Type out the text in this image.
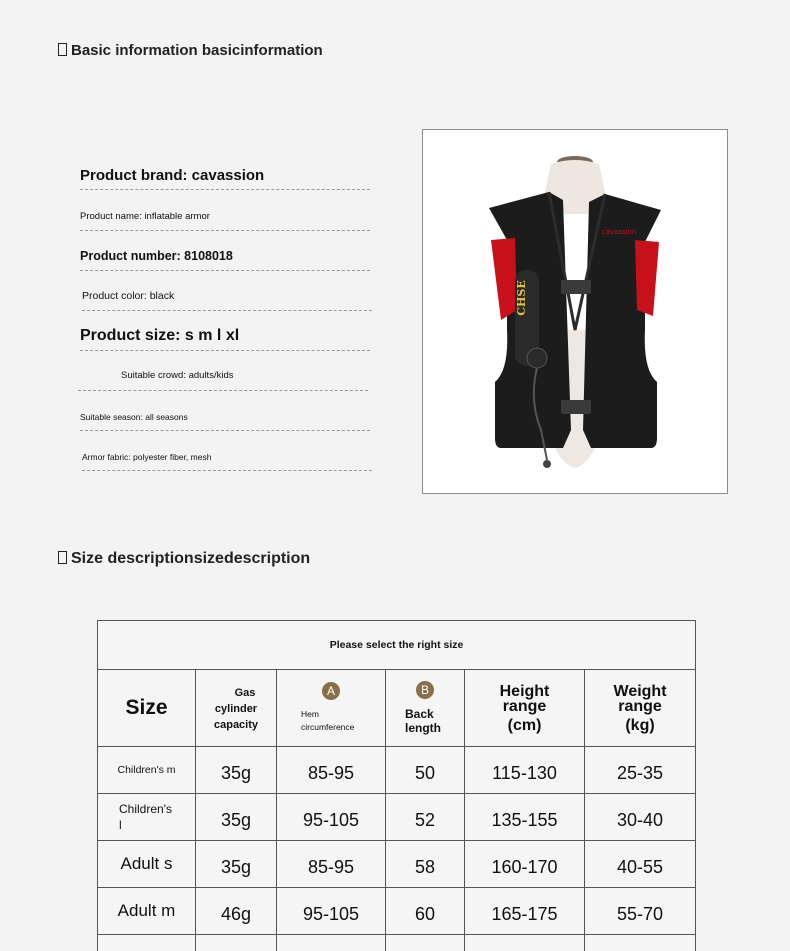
Basic information basicinformation
Product brand: cavassion
Product name: inflatable armor
Product number: 8108018
Product color: black
Product size: s m l xl
Suitable crowd: adults/kids
Suitable season: all seasons
Armor fabric: polyester fiber, mesh
CHSE
cavassion
Size descriptionsizedescription
Please select the right size					
Size	Gas
cylinder
capacity	A
Hem
circumference	B
Back
length	Height
range
(cm)	Weight
range
(kg)

Children's m	35g	85-95	50	115-130	25-35

Children's
l	35g	95-105	52	135-155	30-40
Adult s	35g	85-95	58	160-170	40-55
Adult m	46g	95-105	60	165-175	55-70
